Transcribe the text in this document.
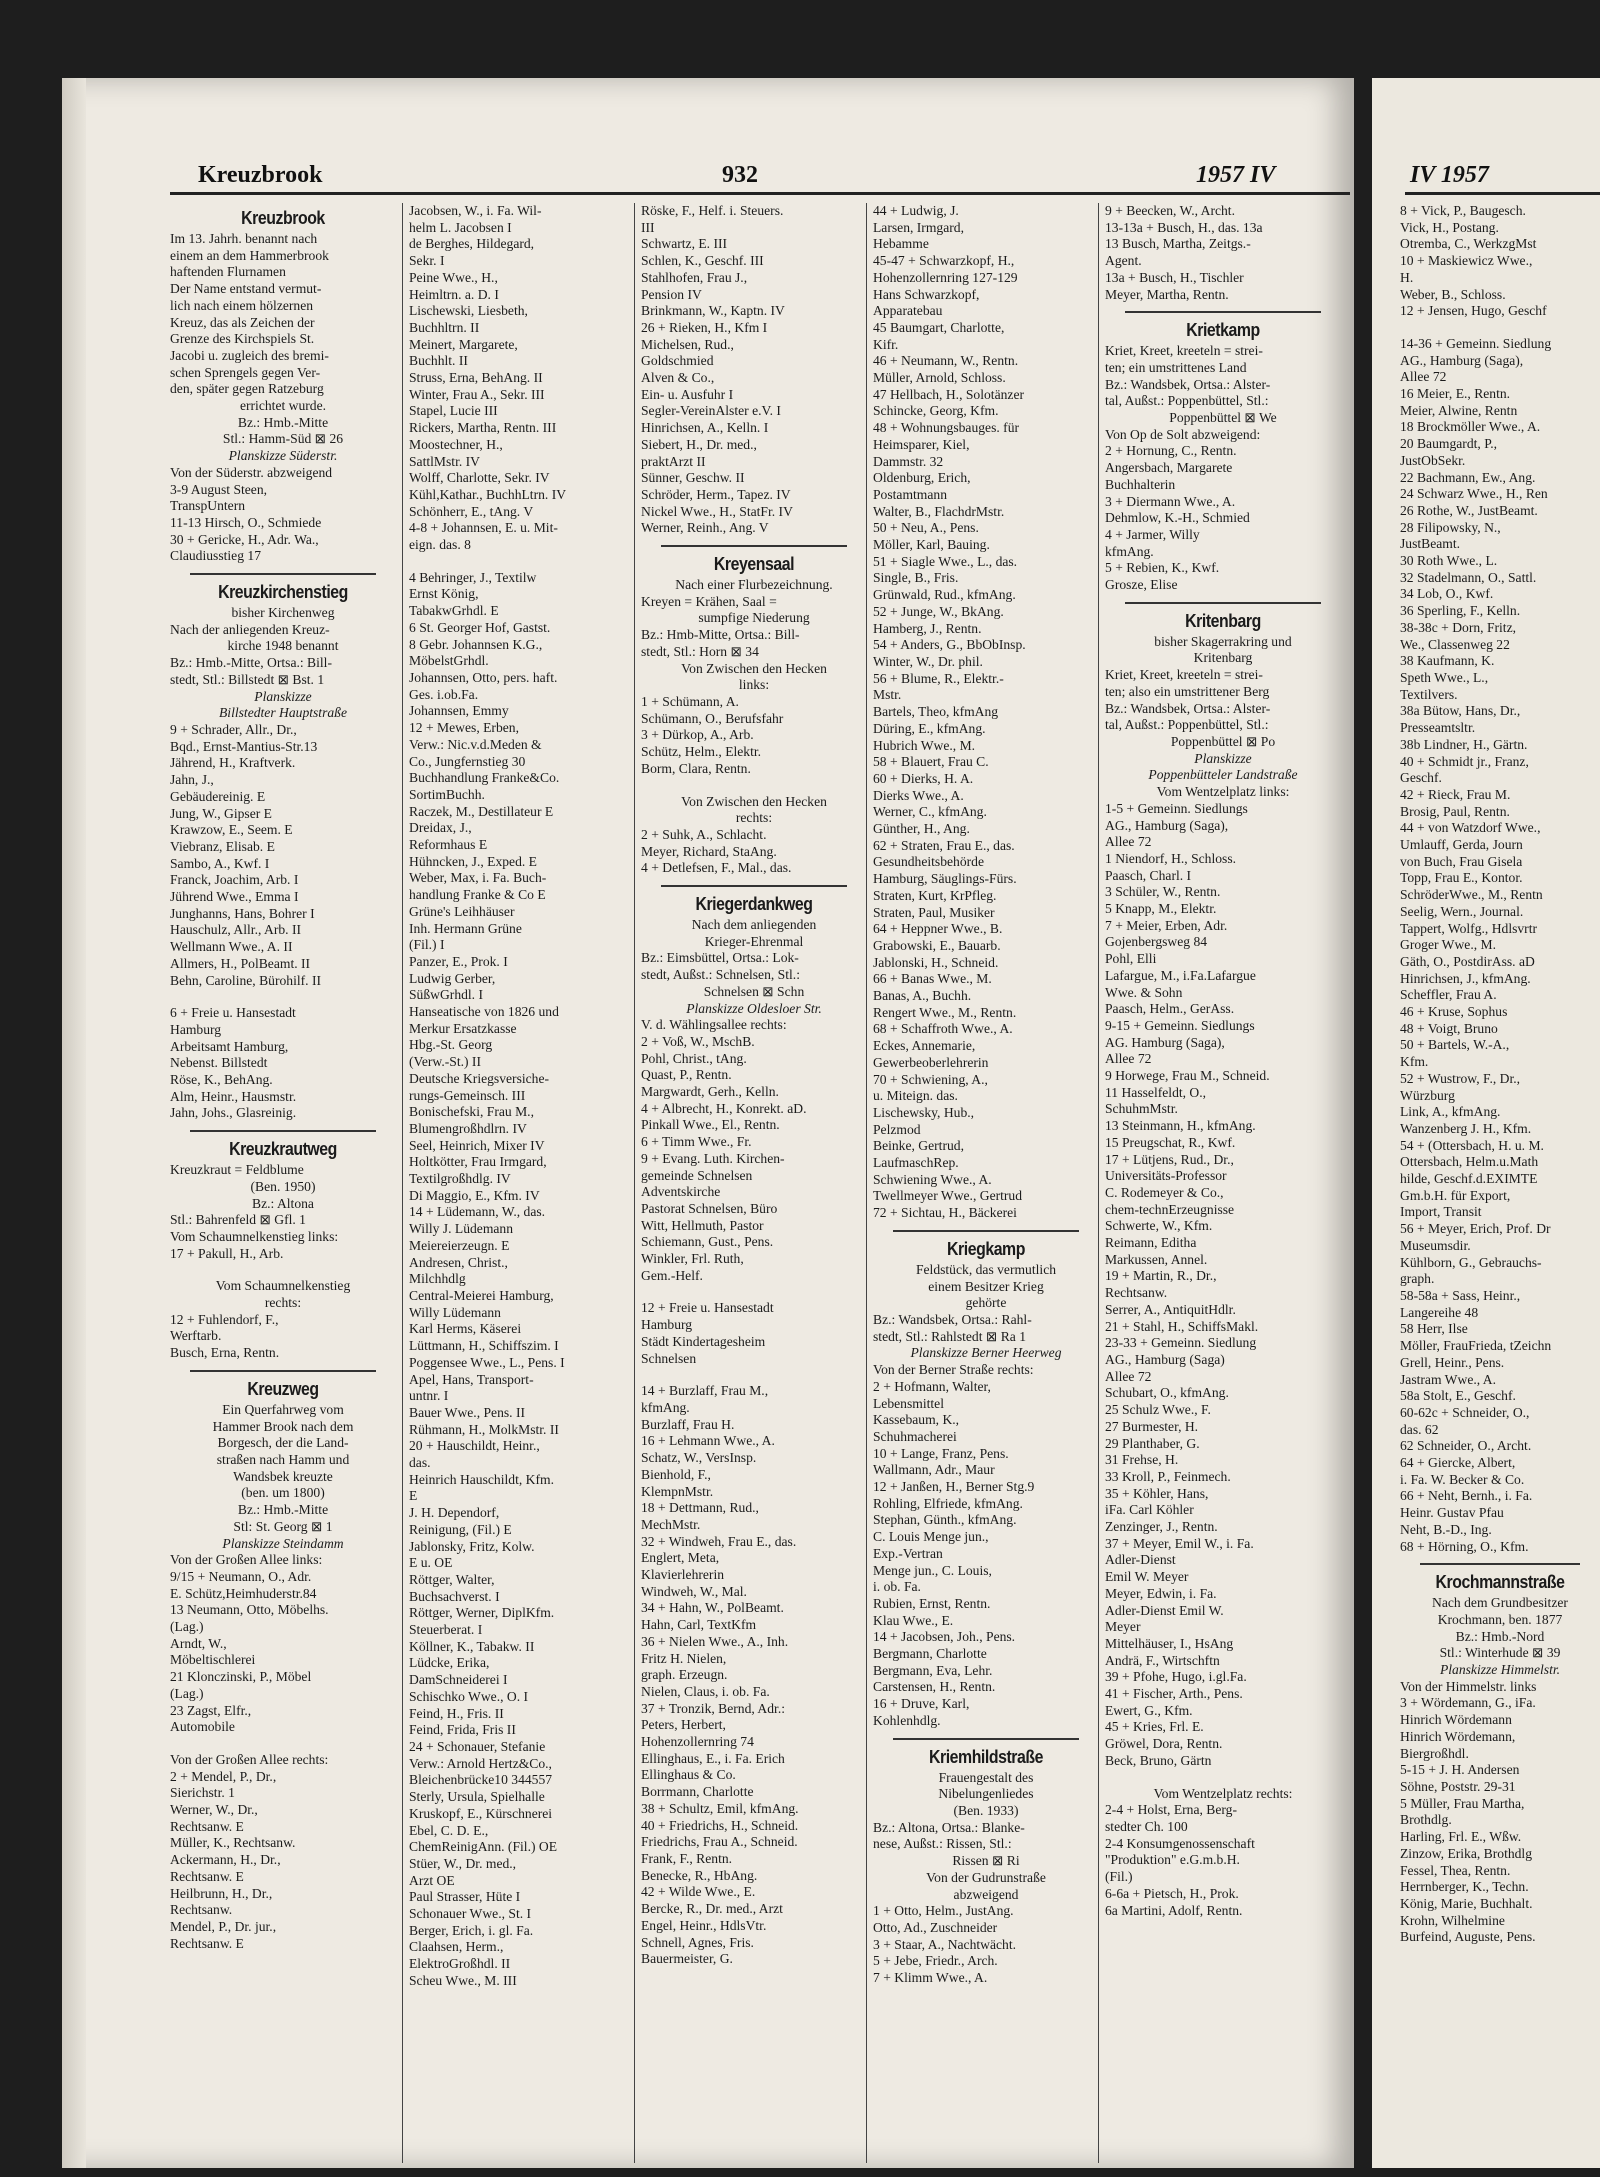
Kreuzbrook	932	1957 IV	IV 1957
Kreuzbrook
Im 13. Jahrh. benannt nach
einem an dem Hammerbrook
haftenden Flurnamen
Der Name entstand vermut-
lich nach einem hölzernen
Kreuz, das als Zeichen der
Grenze des Kirchspiels St.
Jacobi u. zugleich des bremi-
schen Sprengels gegen Ver-
den, später gegen Ratzeburg
errichtet wurde.
Bz.: Hmb.-Mitte
Stl.: Hamm-Süd ⊠ 26
Planskizze Süderstr.
Von der Süderstr. abzweigend
3-9 August Steen,
TranspUntern
11-13 Hirsch, O., Schmiede
30 + Gericke, H., Adr. Wa.,
Claudiusstieg 17
Kreuzkirchenstieg
bisher Kirchenweg
Nach der anliegenden Kreuz-
kirche 1948 benannt
Bz.: Hmb.-Mitte, Ortsa.: Bill-
stedt, Stl.: Billstedt ⊠ Bst. 1
Planskizze
Billstedter Hauptstraße
9 + Schrader, Allr., Dr.,
Bqd., Ernst-Mantius-Str.13
Jährend, H., Kraftverk.
Jahn, J.,
Gebäudereinig. E
Jung, W., Gipser E
Krawzow, E., Seem. E
Viebranz, Elisab. E
Sambo, A., Kwf. I
Franck, Joachim, Arb. I
Jührend Wwe., Emma I
Junghanns, Hans, Bohrer I
Hauschulz, Allr., Arb. II
Wellmann Wwe., A. II
Allmers, H., PolBeamt. II
Behn, Caroline, Bürohilf. II
6 + Freie u. Hansestadt
Hamburg
Arbeitsamt Hamburg,
Nebenst. Billstedt
Röse, K., BehAng.
Alm, Heinr., Hausmstr.
Jahn, Johs., Glasreinig.
Kreuzkrautweg
Kreuzkraut = Feldblume
(Ben. 1950)
Bz.: Altona
Stl.: Bahrenfeld ⊠ Gfl. 1
Vom Schaumnelkenstieg links:
17 + Pakull, H., Arb.
Vom Schaumnelkenstieg
rechts:
12 + Fuhlendorf, F.,
Werftarb.
Busch, Erna, Rentn.
Kreuzweg
Ein Querfahrweg vom
Hammer Brook nach dem
Borgesch, der die Land-
straßen nach Hamm und
Wandsbek kreuzte
(ben. um 1800)
Bz.: Hmb.-Mitte
Stl: St. Georg ⊠ 1
Planskizze Steindamm
Von der Großen Allee links:
9/15 + Neumann, O., Adr.
E. Schütz,Heimhuderstr.84
13 Neumann, Otto, Möbelhs.
(Lag.)
Arndt, W.,
Möbeltischlerei
21 Klonczinski, P., Möbel
(Lag.)
23 Zagst, Elfr.,
Automobile
Von der Großen Allee rechts:
2 + Mendel, P., Dr.,
Sierichstr. 1
Werner, W., Dr.,
Rechtsanw. E
Müller, K., Rechtsanw.
Ackermann, H., Dr.,
Rechtsanw. E
Heilbrunn, H., Dr.,
Rechtsanw.
Mendel, P., Dr. jur.,
Rechtsanw. E
Jacobsen, W., i. Fa. Wil-
helm L. Jacobsen I
de Berghes, Hildegard,
Sekr. I
Peine Wwe., H.,
Heimltrn. a. D. I
Lischewski, Liesbeth,
Buchhltrn. II
Meinert, Margarete,
Buchhlt. II
Struss, Erna, BehAng. II
Winter, Frau A., Sekr. III
Stapel, Lucie III
Rickers, Martha, Rentn. III
Moostechner, H.,
SattlMstr. IV
Wolff, Charlotte, Sekr. IV
Kühl,Kathar., BuchhLtrn. IV
Schönherr, E., tAng. V
4-8 + Johannsen, E. u. Mit-
eign. das. 8
4 Behringer, J., Textilw
Ernst König,
TabakwGrhdl. E
6 St. Georger Hof, Gastst.
8 Gebr. Johannsen K.G.,
MöbelstGrhdl.
Johannsen, Otto, pers. haft.
Ges. i.ob.Fa.
Johannsen, Emmy
12 + Mewes, Erben,
Verw.: Nic.v.d.Meden &
Co., Jungfernstieg 30
Buchhandlung Franke&Co.
SortimBuchh.
Raczek, M., Destillateur E
Dreidax, J.,
Reformhaus E
Hühncken, J., Exped. E
Weber, Max, i. Fa. Buch-
handlung Franke & Co E
Grüne's Leihhäuser
Inh. Hermann Grüne
(Fil.) I
Panzer, E., Prok. I
Ludwig Gerber,
SüßwGrhdl. I
Hanseatische von 1826 und
Merkur Ersatzkasse
Hbg.-St. Georg
(Verw.-St.) II
Deutsche Kriegsversiche-
rungs-Gemeinsch. III
Bonischefski, Frau M.,
Blumengroßhdlrn. IV
Seel, Heinrich, Mixer IV
Holtkötter, Frau Irmgard,
Textilgroßhdlg. IV
Di Maggio, E., Kfm. IV
14 + Lüdemann, W., das.
Willy J. Lüdemann
Meiereierzeugn. E
Andresen, Christ.,
Milchhdlg
Central-Meierei Hamburg,
Willy Lüdemann
Karl Herms, Käserei
Lüttmann, H., Schiffszim. I
Poggensee Wwe., L., Pens. I
Apel, Hans, Transport-
untnr. I
Bauer Wwe., Pens. II
Rühmann, H., MolkMstr. II
20 + Hauschildt, Heinr.,
das.
Heinrich Hauschildt, Kfm.
E
J. H. Dependorf,
Reinigung, (Fil.) E
Jablonsky, Fritz, Kolw.
E u. OE
Röttger, Walter,
Buchsachverst. I
Röttger, Werner, DiplKfm.
Steuerberat. I
Köllner, K., Tabakw. II
Lüdcke, Erika,
DamSchneiderei I
Schischko Wwe., O. I
Feind, H., Fris. II
Feind, Frida, Fris II
24 + Schonauer, Stefanie
Verw.: Arnold Hertz&Co.,
Bleichenbrücke10 344557
Sterly, Ursula, Spielhalle
Kruskopf, E., Kürschnerei
Ebel, C. D. E.,
ChemReinigAnn. (Fil.) OE
Stüer, W., Dr. med.,
Arzt OE
Paul Strasser, Hüte I
Schonauer Wwe., St. I
Berger, Erich, i. gl. Fa.
Claahsen, Herm.,
ElektroGroßhdl. II
Scheu Wwe., M. III
Röske, F., Helf. i. Steuers.
III
Schwartz, E. III
Schlen, K., Geschf. III
Stahlhofen, Frau J.,
Pension IV
Brinkmann, W., Kaptn. IV
26 + Rieken, H., Kfm I
Michelsen, Rud.,
Goldschmied
Alven & Co.,
Ein- u. Ausfuhr I
Segler-VereinAlster e.V. I
Hinrichsen, A., Kelln. I
Siebert, H., Dr. med.,
praktArzt II
Sünner, Geschw. II
Schröder, Herm., Tapez. IV
Nickel Wwe., H., StatFr. IV
Werner, Reinh., Ang. V
Kreyensaal
Nach einer Flurbezeichnung.
Kreyen = Krähen, Saal =
sumpfige Niederung
Bz.: Hmb-Mitte, Ortsa.: Bill-
stedt, Stl.: Horn ⊠ 34
Von Zwischen den Hecken
links:
1 + Schümann, A.
Schümann, O., Berufsfahr
3 + Dürkop, A., Arb.
Schütz, Helm., Elektr.
Borm, Clara, Rentn.
Von Zwischen den Hecken
rechts:
2 + Suhk, A., Schlacht.
Meyer, Richard, StaAng.
4 + Detlefsen, F., Mal., das.
Kriegerdankweg
Nach dem anliegenden
Krieger-Ehrenmal
Bz.: Eimsbüttel, Ortsa.: Lok-
stedt, Außst.: Schnelsen, Stl.:
Schnelsen ⊠ Schn
Planskizze Oldesloer Str.
V. d. Wählingsallee rechts:
2 + Voß, W., MschB.
Pohl, Christ., tAng.
Quast, P., Rentn.
Margwardt, Gerh., Kelln.
4 + Albrecht, H., Konrekt. aD.
Pinkall Wwe., El., Rentn.
6 + Timm Wwe., Fr.
9 + Evang. Luth. Kirchen-
gemeinde Schnelsen
Adventskirche
Pastorat Schnelsen, Büro
Witt, Hellmuth, Pastor
Schiemann, Gust., Pens.
Winkler, Frl. Ruth,
Gem.-Helf.
12 + Freie u. Hansestadt
Hamburg
Städt Kindertagesheim
Schnelsen
14 + Burzlaff, Frau M.,
kfmAng.
Burzlaff, Frau H.
16 + Lehmann Wwe., A.
Schatz, W., VersInsp.
Bienhold, F.,
KlempnMstr.
18 + Dettmann, Rud.,
MechMstr.
32 + Windweh, Frau E., das.
Englert, Meta,
Klavierlehrerin
Windweh, W., Mal.
34 + Hahn, W., PolBeamt.
Hahn, Carl, TextKfm
36 + Nielen Wwe., A., Inh.
Fritz H. Nielen,
graph. Erzeugn.
Nielen, Claus, i. ob. Fa.
37 + Tronzik, Bernd, Adr.:
Peters, Herbert,
Hohenzollernring 74
Ellinghaus, E., i. Fa. Erich
Ellinghaus & Co.
Borrmann, Charlotte
38 + Schultz, Emil, kfmAng.
40 + Friedrichs, H., Schneid.
Friedrichs, Frau A., Schneid.
Frank, F., Rentn.
Benecke, R., HbAng.
42 + Wilde Wwe., E.
Bercke, R., Dr. med., Arzt
Engel, Heinr., HdlsVtr.
Schnell, Agnes, Fris.
Bauermeister, G.
44 + Ludwig, J.
Larsen, Irmgard,
Hebamme
45-47 + Schwarzkopf, H.,
Hohenzollernring 127-129
Hans Schwarzkopf,
Apparatebau
45 Baumgart, Charlotte,
Kifr.
46 + Neumann, W., Rentn.
Müller, Arnold, Schloss.
47 Hellbach, H., Solotänzer
Schincke, Georg, Kfm.
48 + Wohnungsbauges. für
Heimsparer, Kiel,
Dammstr. 32
Oldenburg, Erich,
Postamtmann
Walter, B., FlachdrMstr.
50 + Neu, A., Pens.
Möller, Karl, Bauing.
51 + Siagle Wwe., L., das.
Single, B., Fris.
Grünwald, Rud., kfmAng.
52 + Junge, W., BkAng.
Hamberg, J., Rentn.
54 + Anders, G., BbObInsp.
Winter, W., Dr. phil.
56 + Blume, R., Elektr.-
Mstr.
Bartels, Theo, kfmAng
Düring, E., kfmAng.
Hubrich Wwe., M.
58 + Blauert, Frau C.
60 + Dierks, H. A.
Dierks Wwe., A.
Werner, C., kfmAng.
Günther, H., Ang.
62 + Straten, Frau E., das.
Gesundheitsbehörde
Hamburg, Säuglings-Fürs.
Straten, Kurt, KrPfleg.
Straten, Paul, Musiker
64 + Heppner Wwe., B.
Grabowski, E., Bauarb.
Jablonski, H., Schneid.
66 + Banas Wwe., M.
Banas, A., Buchh.
Rengert Wwe., M., Rentn.
68 + Schaffroth Wwe., A.
Eckes, Annemarie,
Gewerbeoberlehrerin
70 + Schwiening, A.,
u. Miteign. das.
Lischewsky, Hub.,
Pelzmod
Beinke, Gertrud,
LaufmaschRep.
Schwiening Wwe., A.
Twellmeyer Wwe., Gertrud
72 + Sichtau, H., Bäckerei
Kriegkamp
Feldstück, das vermutlich
einem Besitzer Krieg
gehörte
Bz.: Wandsbek, Ortsa.: Rahl-
stedt, Stl.: Rahlstedt ⊠ Ra 1
Planskizze Berner Heerweg
Von der Berner Straße rechts:
2 + Hofmann, Walter,
Lebensmittel
Kassebaum, K.,
Schuhmacherei
10 + Lange, Franz, Pens.
Wallmann, Adr., Maur
12 + Janßen, H., Berner Stg.9
Rohling, Elfriede, kfmAng.
Stephan, Günth., kfmAng.
C. Louis Menge jun.,
Exp.-Vertran
Menge jun., C. Louis,
i. ob. Fa.
Rubien, Ernst, Rentn.
Klau Wwe., E.
14 + Jacobsen, Joh., Pens.
Bergmann, Charlotte
Bergmann, Eva, Lehr.
Carstensen, H., Rentn.
16 + Druve, Karl,
Kohlenhdlg.
Kriemhildstraße
Frauengestalt des
Nibelungenliedes
(Ben. 1933)
Bz.: Altona, Ortsa.: Blanke-
nese, Außst.: Rissen, Stl.:
Rissen ⊠ Ri
Von der Gudrunstraße
abzweigend
1 + Otto, Helm., JustAng.
Otto, Ad., Zuschneider
3 + Staar, A., Nachtwächt.
5 + Jebe, Friedr., Arch.
7 + Klimm Wwe., A.
9 + Beecken, W., Archt.
13-13a + Busch, H., das. 13a
13 Busch, Martha, Zeitgs.-
Agent.
13a + Busch, H., Tischler
Meyer, Martha, Rentn.
Krietkamp
Kriet, Kreet, kreeteln = strei-
ten; ein umstrittenes Land
Bz.: Wandsbek, Ortsa.: Alster-
tal, Außst.: Poppenbüttel, Stl.:
Poppenbüttel ⊠ We
Von Op de Solt abzweigend:
2 + Hornung, C., Rentn.
Angersbach, Margarete
Buchhalterin
3 + Diermann Wwe., A.
Dehmlow, K.-H., Schmied
4 + Jarmer, Willy
kfmAng.
5 + Rebien, K., Kwf.
Grosze, Elise
Kritenbarg
bisher Skagerrakring und
Kritenbarg
Kriet, Kreet, kreeteln = strei-
ten; also ein umstrittener Berg
Bz.: Wandsbek, Ortsa.: Alster-
tal, Außst.: Poppenbüttel, Stl.:
Poppenbüttel ⊠ Po
Planskizze
Poppenbütteler Landstraße
Vom Wentzelplatz links:
1-5 + Gemeinn. Siedlungs
AG., Hamburg (Saga),
Allee 72
1 Niendorf, H., Schloss.
Paasch, Charl. I
3 Schüler, W., Rentn.
5 Knapp, M., Elektr.
7 + Meier, Erben, Adr.
Gojenbergsweg 84
Pohl, Elli
Lafargue, M., i.Fa.Lafargue
Wwe. & Sohn
Paasch, Helm., GerAss.
9-15 + Gemeinn. Siedlungs
AG. Hamburg (Saga),
Allee 72
9 Horwege, Frau M., Schneid.
11 Hasselfeldt, O.,
SchuhmMstr.
13 Steinmann, H., kfmAng.
15 Preugschat, R., Kwf.
17 + Lütjens, Rud., Dr.,
Universitäts-Professor
C. Rodemeyer & Co.,
chem-technErzeugnisse
Schwerte, W., Kfm.
Reimann, Editha
Markussen, Annel.
19 + Martin, R., Dr.,
Rechtsanw.
Serrer, A., AntiquitHdlr.
21 + Stahl, H., SchiffsMakl.
23-33 + Gemeinn. Siedlung
AG., Hamburg (Saga)
Allee 72
Schubart, O., kfmAng.
25 Schulz Wwe., F.
27 Burmester, H.
29 Planthaber, G.
31 Frehse, H.
33 Kroll, P., Feinmech.
35 + Köhler, Hans,
iFa. Carl Köhler
Zenzinger, J., Rentn.
37 + Meyer, Emil W., i. Fa.
Adler-Dienst
Emil W. Meyer
Meyer, Edwin, i. Fa.
Adler-Dienst Emil W.
Meyer
Mittelhäuser, I., HsAng
Andrä, F., Wirtschftn
39 + Pfohe, Hugo, i.gl.Fa.
41 + Fischer, Arth., Pens.
Ewert, G., Kfm.
45 + Kries, Frl. E.
Gröwel, Dora, Rentn.
Beck, Bruno, Gärtn
Vom Wentzelplatz rechts:
2-4 + Holst, Erna, Berg-
stedter Ch. 100
2-4 Konsumgenossenschaft
"Produktion" e.G.m.b.H.
(Fil.)
6-6a + Pietsch, H., Prok.
6a Martini, Adolf, Rentn.
8 + Vick, P., Baugesch.
Vick, H., Postang.
Otremba, C., WerkzgMst
10 + Maskiewicz Wwe.,
H.
Weber, B., Schloss.
12 + Jensen, Hugo, Geschf
14-36 + Gemeinn. Siedlung
AG., Hamburg (Saga),
Allee 72
16 Meier, E., Rentn.
Meier, Alwine, Rentn
18 Brockmöller Wwe., A.
20 Baumgardt, P.,
JustObSekr.
22 Bachmann, Ew., Ang.
24 Schwarz Wwe., H., Ren
26 Rothe, W., JustBeamt.
28 Filipowsky, N.,
JustBeamt.
30 Roth Wwe., L.
32 Stadelmann, O., Sattl.
34 Lob, O., Kwf.
36 Sperling, F., Kelln.
38-38c + Dorn, Fritz,
We., Classenweg 22
38 Kaufmann, K.
Speth Wwe., L.,
Textilvers.
38a Bütow, Hans, Dr.,
Presseamtsltr.
38b Lindner, H., Gärtn.
40 + Schmidt jr., Franz,
Geschf.
42 + Rieck, Frau M.
Brosig, Paul, Rentn.
44 + von Watzdorf Wwe.,
Umlauff, Gerda, Journ
von Buch, Frau Gisela
Topp, Frau E., Kontor.
SchröderWwe., M., Rentn
Seelig, Wern., Journal.
Tappert, Wolfg., Hdlsvrtr
Groger Wwe., M.
Gäth, O., PostdirAss. aD
Hinrichsen, J., kfmAng.
Scheffler, Frau A.
46 + Kruse, Sophus
48 + Voigt, Bruno
50 + Bartels, W.-A.,
Kfm.
52 + Wustrow, F., Dr.,
Würzburg
Link, A., kfmAng.
Wanzenberg J. H., Kfm.
54 + (Ottersbach, H. u. M.
Ottersbach, Helm.u.Math
hilde, Geschf.d.EXIMTE
Gm.b.H. für Export,
Import, Transit
56 + Meyer, Erich, Prof. Dr
Museumsdir.
Kühlborn, G., Gebrauchs-
graph.
58-58a + Sass, Heinr.,
Langereihe 48
58 Herr, Ilse
Möller, FrauFrieda, tZeichn
Grell, Heinr., Pens.
Jastram Wwe., A.
58a Stolt, E., Geschf.
60-62c + Schneider, O.,
das. 62
62 Schneider, O., Archt.
64 + Giercke, Albert,
i. Fa. W. Becker & Co.
66 + Neht, Bernh., i. Fa.
Heinr. Gustav Pfau
Neht, B.-D., Ing.
68 + Hörning, O., Kfm.
Krochmannstraße
Nach dem Grundbesitzer
Krochmann, ben. 1877
Bz.: Hmb.-Nord
Stl.: Winterhude ⊠ 39
Planskizze Himmelstr.
Von der Himmelstr. links
3 + Wördemann, G., iFa.
Hinrich Wördemann
Hinrich Wördemann,
Biergroßhdl.
5-15 + J. H. Andersen
Söhne, Poststr. 29-31
5 Müller, Frau Martha,
Brothdlg.
Harling, Frl. E., Wßw.
Zinzow, Erika, Brothdlg
Fessel, Thea, Rentn.
Herrnberger, K., Techn.
König, Marie, Buchhalt.
Krohn, Wilhelmine
Burfeind, Auguste, Pens.
